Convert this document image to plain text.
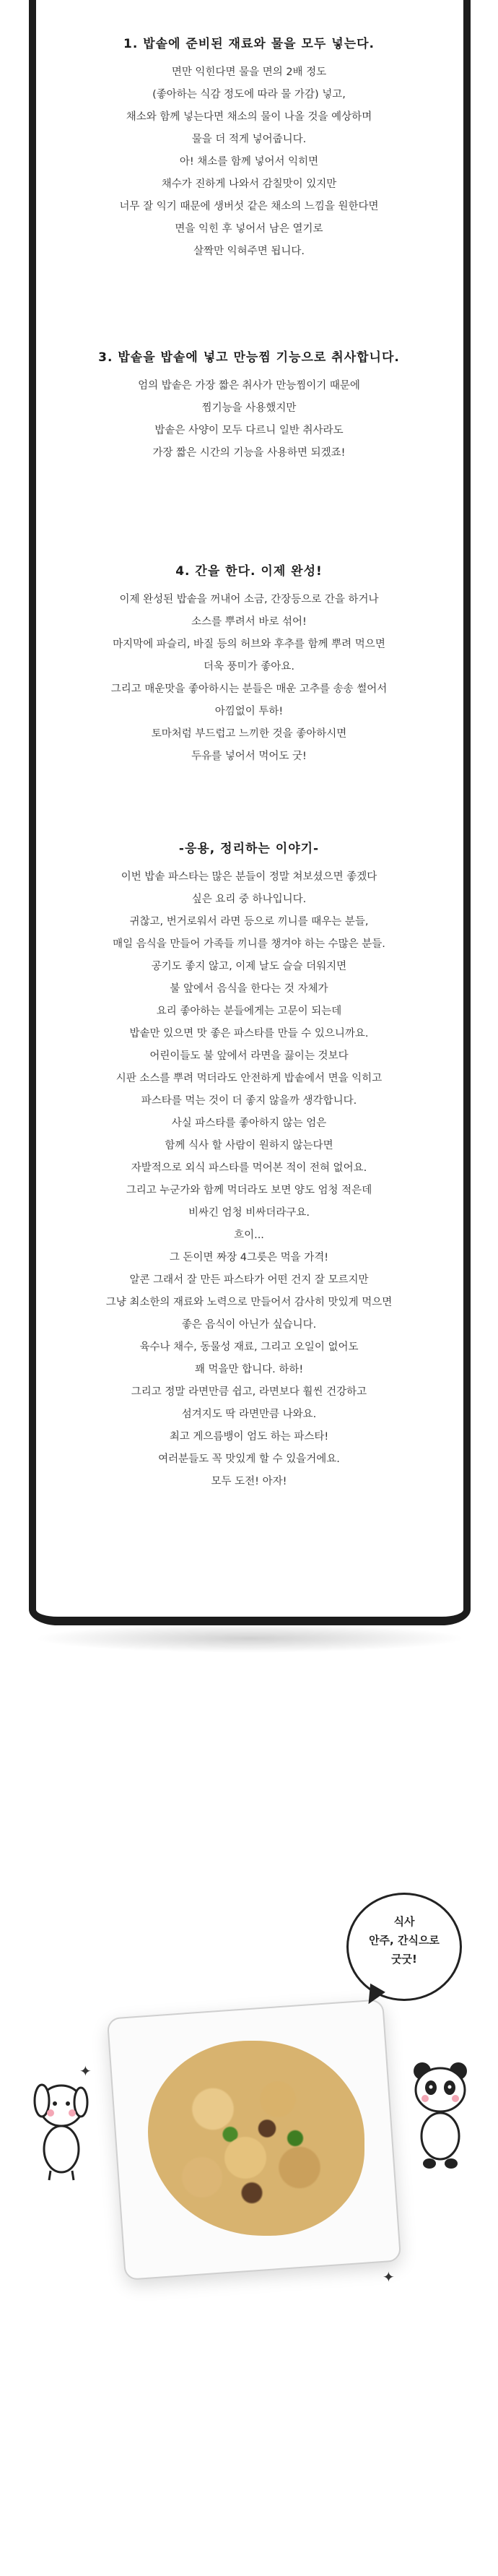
1. 밥솥에 준비된 재료와 물을 모두 넣는다.

면만 익힌다면 물을 면의 2배 정도

(좋아하는 식감 정도에 따라 물 가감) 넣고,

채소와 함께 넣는다면 채소의 물이 나올 것을 예상하며

물을 더 적게 넣어줍니다.

아! 채소를 함께 넣어서 익히면

채수가 진하게 나와서 감칠맛이 있지만

너무 잘 익기 때문에 생버섯 같은 채소의 느낌을 원한다면

면을 익힌 후 넣어서 남은 열기로

살짝만 익혀주면 됩니다.

3. 밥솥을 밥솥에 넣고 만능찜 기능으로 취사합니다.

엄의 밥솥은 가장 짧은 취사가 만능찜이기 때문에

찜기능을 사용했지만

밥솥은 사양이 모두 다르니 일반 취사라도

가장 짧은 시간의 기능을 사용하면 되겠죠!

4. 간을 한다. 이제 완성!

이제 완성된 밥솥을 꺼내어 소금, 간장등으로 간을 하거나

소스를 뿌려서 바로 섞어!

마지막에 파슬리, 바질 등의 허브와 후추를 함께 뿌려 먹으면

더욱 풍미가 좋아요.

그리고 매운맛을 좋아하시는 분들은 매운 고추를 송송 썰어서

아낌없이 투하!

토마처럼 부드럽고 느끼한 것을 좋아하시면

두유를 넣어서 먹어도 굿!

-응용, 정리하는 이야기-

이번 밥솥 파스타는 많은 분들이 정말 쳐보셨으면 좋겠다

싶은 요리 중 하나입니다.

귀찮고, 번거로워서 라면 등으로 끼니를 때우는 분들,

매일 음식을 만들어 가족들 끼니를 챙겨야 하는 수많은 분들.

공기도 좋지 않고, 이제 날도 슬슬 더워지면

불 앞에서 음식을 한다는 것 자체가

요리 좋아하는 분들에게는 고문이 되는데

밥솥만 있으면 맛 좋은 파스타를 만들 수 있으니까요.

어린이들도 불 앞에서 라면을 끓이는 것보다

시판 소스를 뿌려 먹더라도 안전하게 밥솥에서 면을 익히고

파스타를 먹는 것이 더 좋지 않을까 생각합니다.

사실 파스타를 좋아하지 않는 엄은

함께 식사 할 사람이 원하지 않는다면

자발적으로 외식 파스타를 먹어본 적이 전혀 없어요.

그리고 누군가와 함께 먹더라도 보면 양도 엄청 적은데

비싸긴 엄청 비싸더라구요.

흐이...

그 돈이면 짜장 4그릇은 먹을 가격!

알콘 그래서 잘 만든 파스타가 어떤 건지 잘 모르지만

그냥 최소한의 재료와 노력으로 만들어서 감사히 맛있게 먹으면

좋은 음식이 아닌가 싶습니다.

육수나 채수, 동물성 재료, 그리고 오일이 없어도

꽤 먹을만 합니다. 하하!

그리고 정말 라면만큼 쉽고, 라면보다 훨씬 건강하고

섬겨지도 딱 라면만큼 나와요.

최고 게으름뱅이 엄도 하는 파스타!

여러분들도 꼭 맛있게 할 수 있을거에요.

모두 도전! 아자!

식사
안주, 간식으로
굿굿!
✦
✦
